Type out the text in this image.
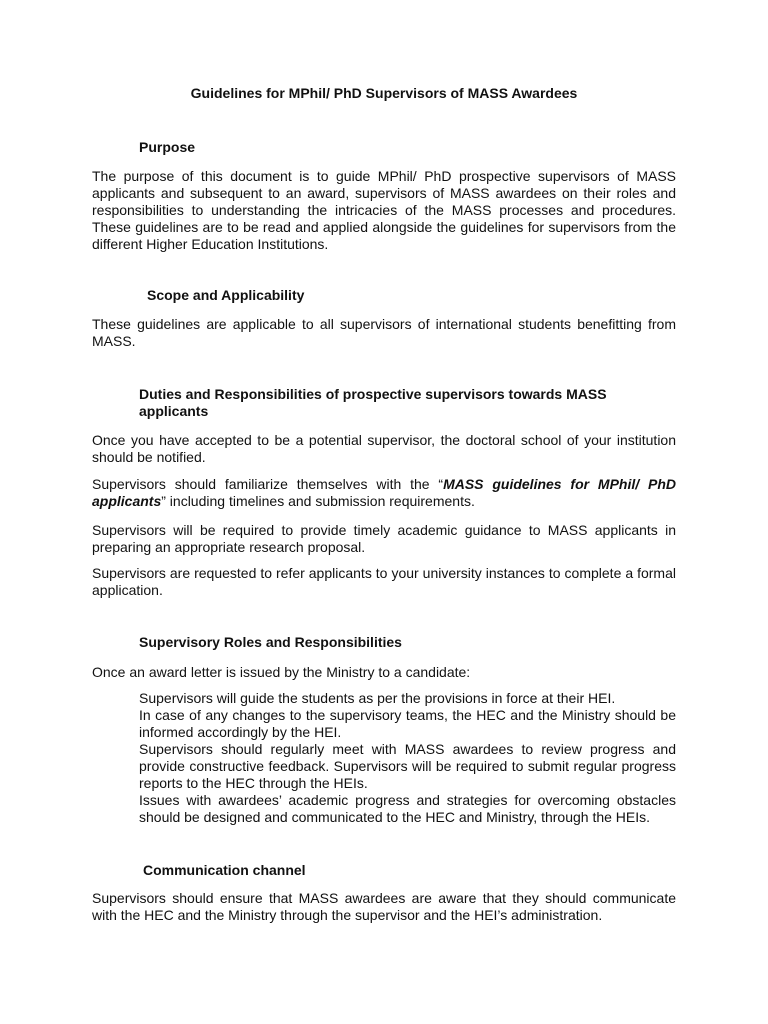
Guidelines for MPhil/ PhD Supervisors of MASS Awardees
Purpose
The purpose of this document is to guide MPhil/ PhD prospective supervisors of MASS applicants and subsequent to an award, supervisors of MASS awardees on their roles and responsibilities to understanding the intricacies of the MASS processes and procedures. These guidelines are to be read and applied alongside the guidelines for supervisors from the different Higher Education Institutions.
Scope and Applicability
These guidelines are applicable to all supervisors of international students benefitting from MASS.
Duties and Responsibilities of prospective supervisors towards MASS applicants
Once you have accepted to be a potential supervisor, the doctoral school of your institution should be notified.
Supervisors should familiarize themselves with the “MASS guidelines for MPhil/ PhD applicants” including timelines and submission requirements.
Supervisors will be required to provide timely academic guidance to MASS applicants in preparing an appropriate research proposal.
Supervisors are requested to refer applicants to your university instances to complete a formal application.
Supervisory Roles and Responsibilities
Once an award letter is issued by the Ministry to a candidate:
Supervisors will guide the students as per the provisions in force at their HEI.
In case of any changes to the supervisory teams, the HEC and the Ministry should be informed accordingly by the HEI.
Supervisors should regularly meet with MASS awardees to review progress and provide constructive feedback. Supervisors will be required to submit regular progress reports to the HEC through the HEIs.
Issues with awardees’ academic progress and strategies for overcoming obstacles should be designed and communicated to the HEC and Ministry, through the HEIs.
Communication channel
Supervisors should ensure that MASS awardees are aware that they should communicate with the HEC and the Ministry through the supervisor and the HEI’s administration.
